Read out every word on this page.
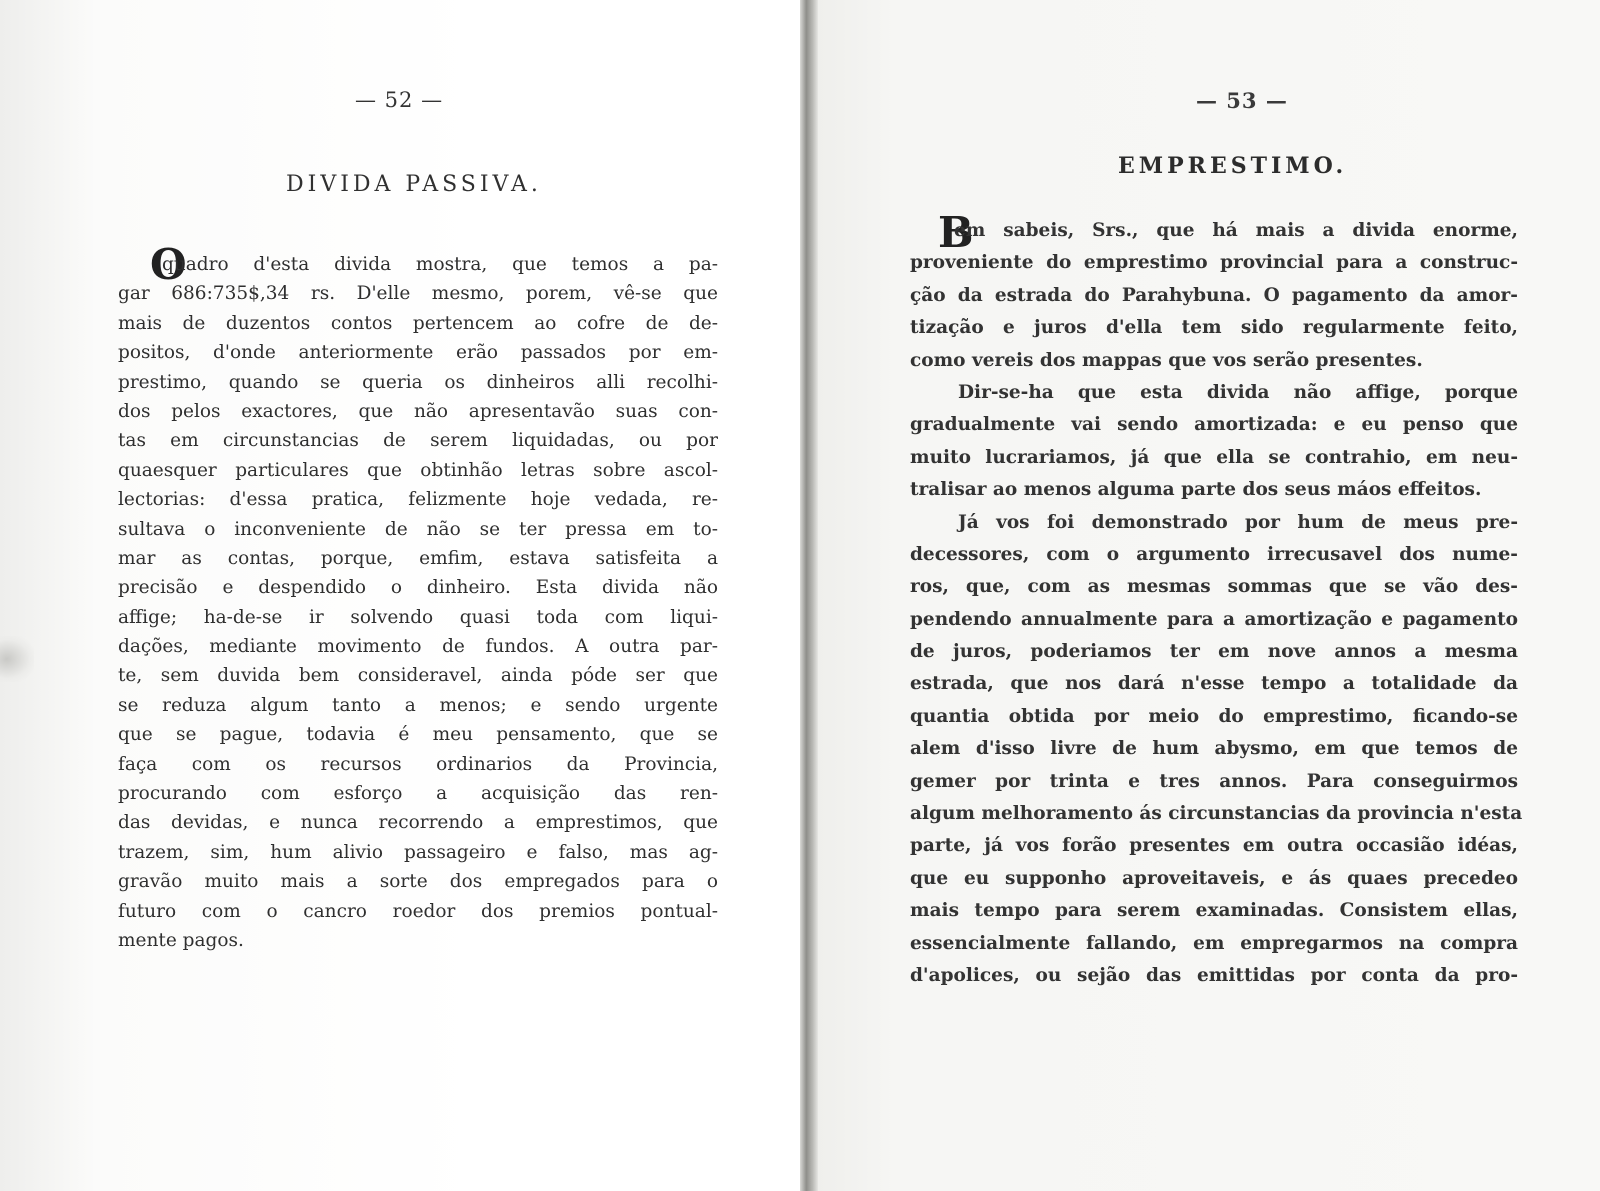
— 52 —
DIVIDA PASSIVA.
O
quadro d'esta divida mostra, que temos a pa-
gar 686:735$,34 rs. D'elle mesmo, porem, vê-se que
mais de duzentos contos pertencem ao cofre de de-
positos, d'onde anteriormente erão passados por em-
prestimo, quando se queria os dinheiros alli recolhi-
dos pelos exactores, que não apresentavão suas con-
tas em circunstancias de serem liquidadas, ou por
quaesquer particulares que obtinhão letras sobre ascol-
lectorias: d'essa pratica, felizmente hoje vedada, re-
sultava o inconveniente de não se ter pressa em to-
mar as contas, porque, emfim, estava satisfeita a
precisão e despendido o dinheiro. Esta divida não
affige; ha-de-se ir solvendo quasi toda com liqui-
dações, mediante movimento de fundos. A outra par-
te, sem duvida bem consideravel, ainda póde ser que
se reduza algum tanto a menos; e sendo urgente
que se pague, todavia é meu pensamento, que se
faça com os recursos ordinarios da Provincia,
procurando com esforço a acquisição das ren-
das devidas, e nunca recorrendo a emprestimos, que
trazem, sim, hum alivio passageiro e falso, mas ag-
gravão muito mais a sorte dos empregados para o
futuro com o cancro roedor dos premios pontual-
mente pagos.
— 53 —
EMPRESTIMO.
B
em sabeis, Srs., que há mais a divida enorme,
proveniente do emprestimo provincial para a construc-
ção da estrada do Parahybuna. O pagamento da amor-
tização e juros d'ella tem sido regularmente feito,
como vereis dos mappas que vos serão presentes.
Dir-se-ha que esta divida não affige, porque
gradualmente vai sendo amortizada: e eu penso que
muito lucrariamos, já que ella se contrahio, em neu-
tralisar ao menos alguma parte dos seus máos effeitos.
Já vos foi demonstrado por hum de meus pre-
decessores, com o argumento irrecusavel dos nume-
ros, que, com as mesmas sommas que se vão des-
pendendo annualmente para a amortização e pagamento
de juros, poderiamos ter em nove annos a mesma
estrada, que nos dará n'esse tempo a totalidade da
quantia obtida por meio do emprestimo, ficando-se
alem d'isso livre de hum abysmo, em que temos de
gemer por trinta e tres annos. Para conseguirmos
algum melhoramento ás circunstancias da provincia n'esta
parte, já vos forão presentes em outra occasião idéas,
que eu supponho aproveitaveis, e ás quaes precedeo
mais tempo para serem examinadas. Consistem ellas,
essencialmente fallando, em empregarmos na compra
d'apolices, ou sejão das emittidas por conta da pro-
